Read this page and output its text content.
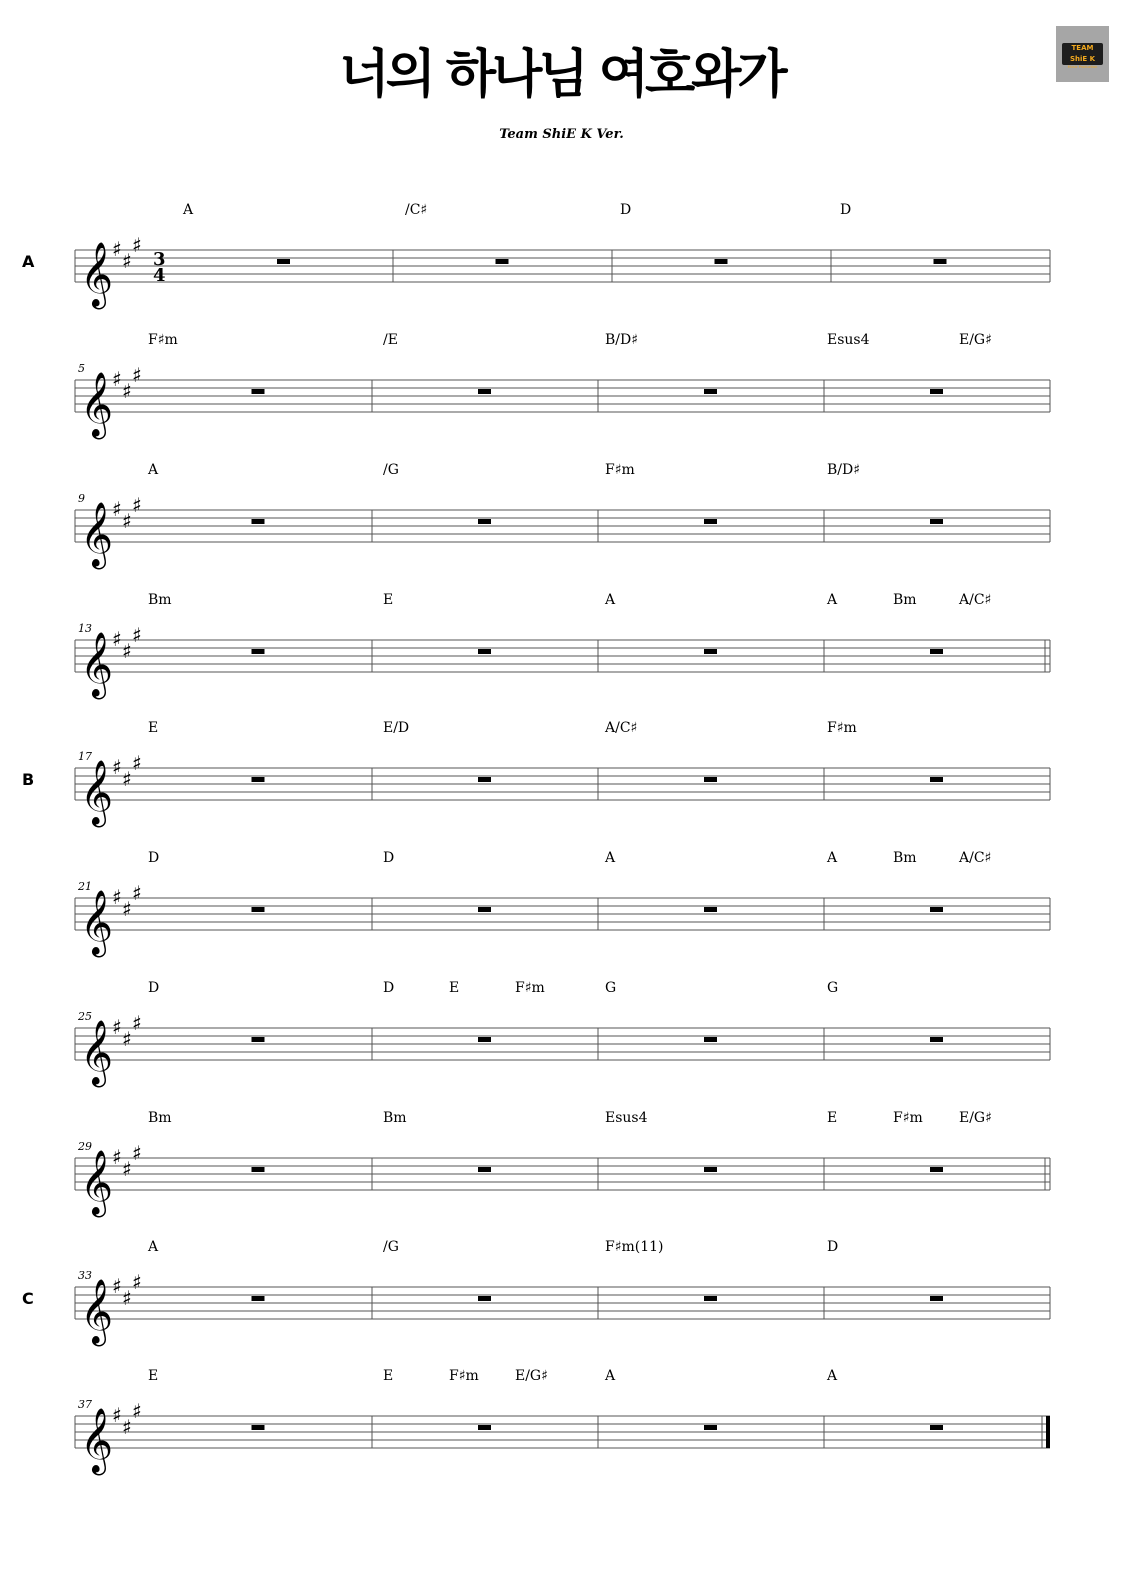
너의 하나님 여호와가
Team ShiE K Ver.
TEAM ShiE K
Music Production
𝄞
♯ ♯
♯
3
4
A
A	/C♯	D	D
𝄞
♯ ♯
♯
5
F♯m	/E	B/D♯	Esus4	E/G♯
𝄞
♯ ♯
♯
9
A	/G	F♯m	B/D♯
𝄞
♯ ♯
♯
13
Bm	E	A	A	Bm	A/C♯
𝄞
♯ ♯
♯
17
B
E	E/D	A/C♯	F♯m
𝄞
♯ ♯
♯
21
D	D	A	A	Bm	A/C♯
𝄞
♯ ♯
♯
25
D	D	E	F♯m	G	G
𝄞
♯ ♯
♯
29
Bm	Bm	Esus4	E	F♯m	E/G♯
𝄞
♯ ♯
♯
33
C
A	/G	F♯m(11)	D
𝄞
♯ ♯
♯
37
E	E	F♯m	E/G♯	A	A
